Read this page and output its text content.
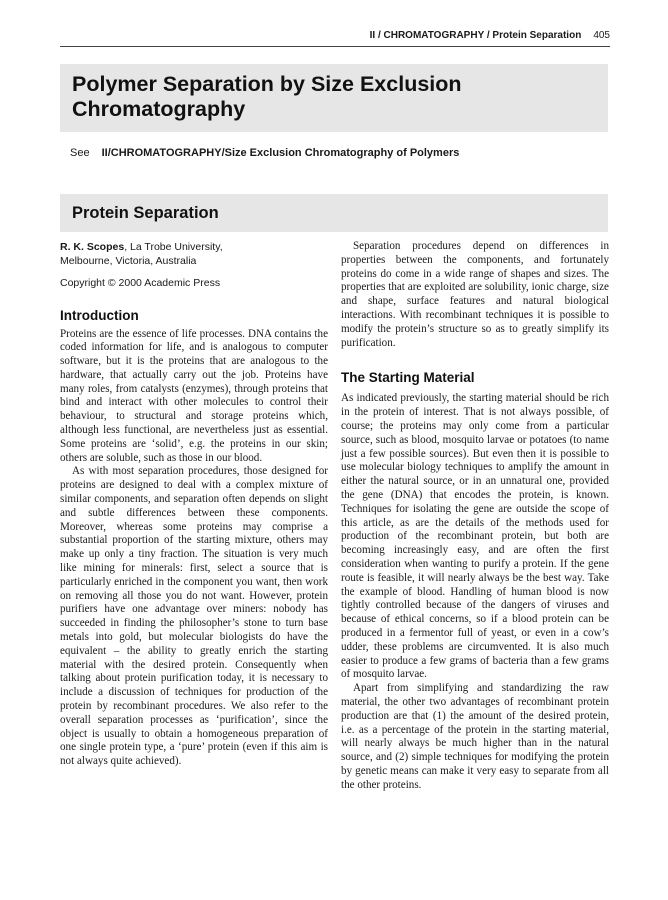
II / CHROMATOGRAPHY / Protein Separation 405
Polymer Separation by Size Exclusion Chromatography
See II/CHROMATOGRAPHY/Size Exclusion Chromatography of Polymers
Protein Separation

R. K. Scopes, La Trobe University,
Melbourne, Victoria, Australia

Copyright © 2000 Academic Press

Introduction

Proteins are the essence of life processes. DNA contains the coded information for life, and is analogous to computer software, but it is the proteins that are analogous to the hardware, that actually carry out the job. Proteins have many roles, from catalysts (enzymes), through proteins that bind and interact with other molecules to control their behaviour, to structural and storage proteins which, although less functional, are nevertheless just as essential. Some proteins are ‘solid’, e.g. the proteins in our skin; others are soluble, such as those in our blood.

As with most separation procedures, those designed for proteins are designed to deal with a complex mixture of similar components, and separation often depends on slight and subtle differences between these components. Moreover, whereas some proteins may comprise a substantial proportion of the starting mixture, others may make up only a tiny fraction. The situation is very much like mining for minerals: first, select a source that is particularly enriched in the component you want, then work on removing all those you do not want. However, protein purifiers have one advantage over miners: nobody has succeeded in finding the philosopher’s stone to turn base metals into gold, but molecular biologists do have the equivalent – the ability to greatly enrich the starting material with the desired protein. Consequently when talking about protein purification today, it is necessary to include a discussion of techniques for production of the protein by recombinant procedures. We also refer to the overall separation processes as ‘purification’, since the object is usually to obtain a homogeneous preparation of one single protein type, a ‘pure’ protein (even if this aim is not always quite achieved).

Separation procedures depend on differences in properties between the components, and fortunately proteins do come in a wide range of shapes and sizes. The properties that are exploited are solubility, ionic charge, size and shape, surface features and natural biological interactions. With recombinant techniques it is possible to modify the protein’s structure so as to greatly simplify its purification.

The Starting Material

As indicated previously, the starting material should be rich in the protein of interest. That is not always possible, of course; the proteins may only come from a particular source, such as blood, mosquito larvae or potatoes (to name just a few possible sources). But even then it is possible to use molecular biology techniques to amplify the amount in either the natural source, or in an unnatural one, provided the gene (DNA) that encodes the protein, is known. Techniques for isolating the gene are outside the scope of this article, as are the details of the methods used for production of the recombinant protein, but both are becoming increasingly easy, and are often the first consideration when wanting to purify a protein. If the gene route is feasible, it will nearly always be the best way. Take the example of blood. Handling of human blood is now tightly controlled because of the dangers of viruses and because of ethical concerns, so if a blood protein can be produced in a fermentor full of yeast, or even in a cow’s udder, these problems are circumvented. It is also much easier to produce a few grams of bacteria than a few grams of mosquito larvae.

Apart from simplifying and standardizing the raw material, the other two advantages of recombinant protein production are that (1) the amount of the desired protein, i.e. as a percentage of the protein in the starting material, will nearly always be much higher than in the natural source, and (2) simple techniques for modifying the protein by genetic means can make it very easy to separate from all the other proteins.
